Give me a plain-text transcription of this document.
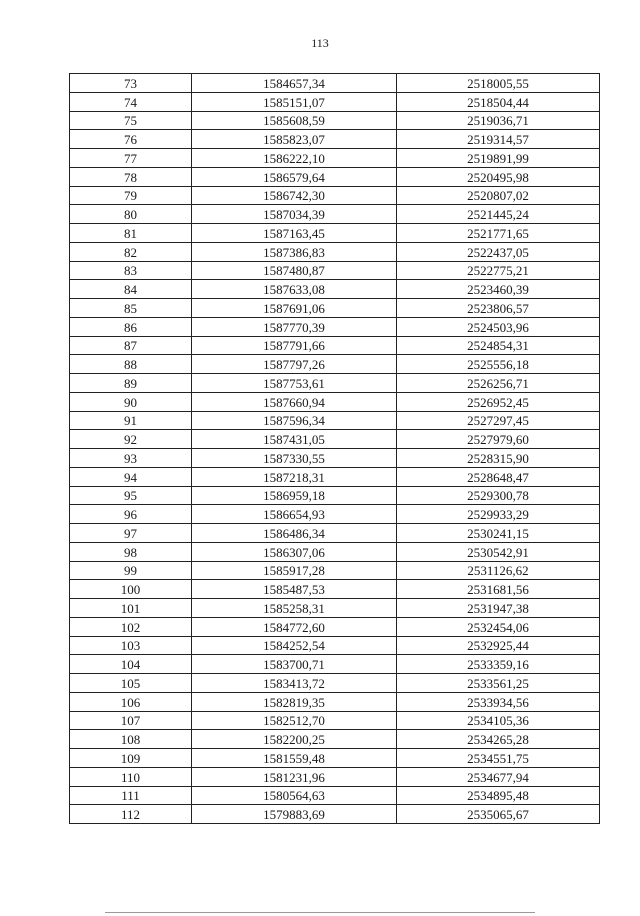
113
73	1584657,34	2518005,55
74	1585151,07	2518504,44
75	1585608,59	2519036,71
76	1585823,07	2519314,57
77	1586222,10	2519891,99
78	1586579,64	2520495,98
79	1586742,30	2520807,02
80	1587034,39	2521445,24
81	1587163,45	2521771,65
82	1587386,83	2522437,05
83	1587480,87	2522775,21
84	1587633,08	2523460,39
85	1587691,06	2523806,57
86	1587770,39	2524503,96
87	1587791,66	2524854,31
88	1587797,26	2525556,18
89	1587753,61	2526256,71
90	1587660,94	2526952,45
91	1587596,34	2527297,45
92	1587431,05	2527979,60
93	1587330,55	2528315,90
94	1587218,31	2528648,47
95	1586959,18	2529300,78
96	1586654,93	2529933,29
97	1586486,34	2530241,15
98	1586307,06	2530542,91
99	1585917,28	2531126,62
100	1585487,53	2531681,56
101	1585258,31	2531947,38
102	1584772,60	2532454,06
103	1584252,54	2532925,44
104	1583700,71	2533359,16
105	1583413,72	2533561,25
106	1582819,35	2533934,56
107	1582512,70	2534105,36
108	1582200,25	2534265,28
109	1581559,48	2534551,75
110	1581231,96	2534677,94
111	1580564,63	2534895,48
112	1579883,69	2535065,67
